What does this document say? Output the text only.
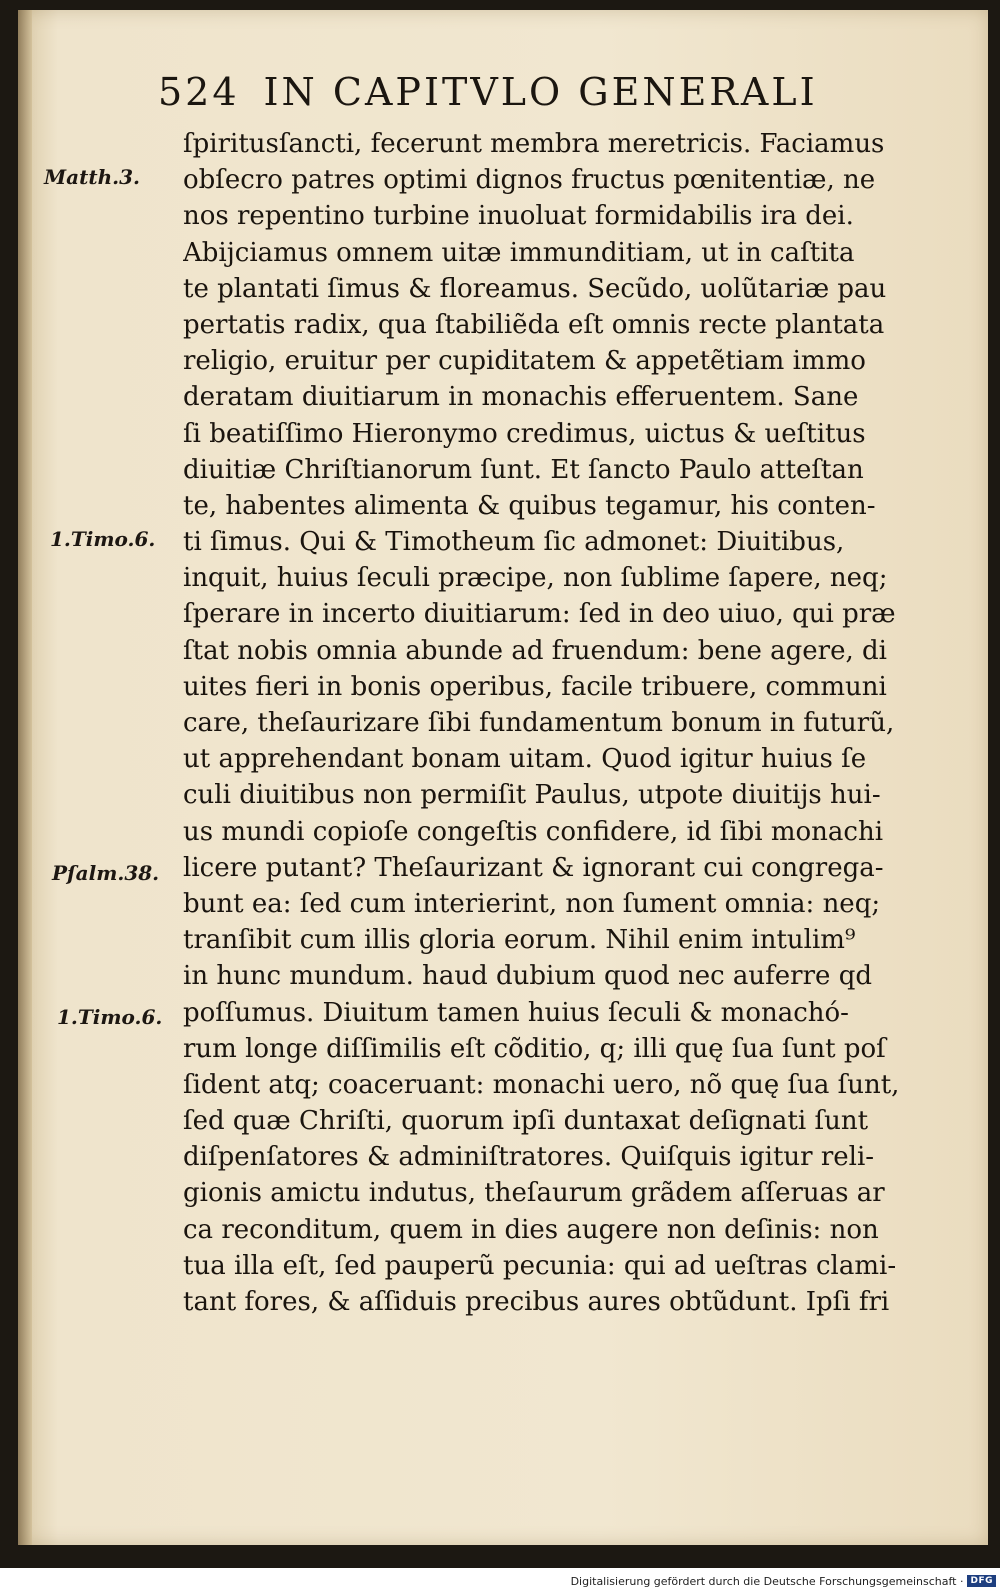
524 IN CAPITVLO GENERALI
ſpiritusſancti, fecerunt membra meretricis. Faciamus
obſecro patres optimi dignos fructus pœnitentiæ, ne
nos repentino turbine inuoluat formidabilis ira dei.
Abijciamus omnem uitæ immunditiam, ut in caſtita
te plantati ſimus & floreamus. Secũdo, uolũtariæ pau
pertatis radix, qua ſtabiliẽda eſt omnis recte plantata
religio, eruitur per cupiditatem & appetẽtiam immo
deratam diuitiarum in monachis efferuentem. Sane
ſi beatiſſimo Hieronymo credimus, uictus & ueſtitus
diuitiæ Chriſtianorum ſunt. Et ſancto Paulo atteſtan
te, habentes alimenta & quibus tegamur, his conten-
ti ſimus. Qui & Timotheum ſic admonet: Diuitibus,
inquit, huius ſeculi præcipe, non ſublime ſapere, neq;
ſperare in incerto diuitiarum: ſed in deo uiuo, qui præ
ſtat nobis omnia abunde ad fruendum: bene agere, di
uites fieri in bonis operibus, facile tribuere, communi
care, theſaurizare ſibi fundamentum bonum in futurũ,
ut apprehendant bonam uitam. Quod igitur huius ſe
culi diuitibus non permiſit Paulus, utpote diuitijs hui-
us mundi copioſe congeſtis confidere, id ſibi monachi
licere putant? Theſaurizant & ignorant cui congrega-
bunt ea: ſed cum interierint, non ſument omnia: neq;
tranſibit cum illis gloria eorum. Nihil enim intulim⁹
in hunc mundum. haud dubium quod nec auferre qd
poſſumus. Diuitum tamen huius ſeculi & monachó-
rum longe diſſimilis eſt cõditio, q; illi quę ſua ſunt poſ
ſident atq; coaceruant: monachi uero, nõ quę ſua ſunt,
ſed quæ Chriſti, quorum ipſi duntaxat deſignati ſunt
diſpenſatores & adminiſtratores. Quiſquis igitur reli-
gionis amictu indutus, theſaurum grãdem aſſeruas ar
ca reconditum, quem in dies augere non deſinis: non
tua illa eſt, ſed pauperũ pecunia: qui ad ueſtras clami-
tant fores, & aſſiduis precibus aures obtũdunt. Ipſi fri
Matth.3.
1.Timo.6.
Pſalm.38.
1.Timo.6.
Digitalisierung gefördert durch die Deutsche Forschungsgemeinschaft · DFG
